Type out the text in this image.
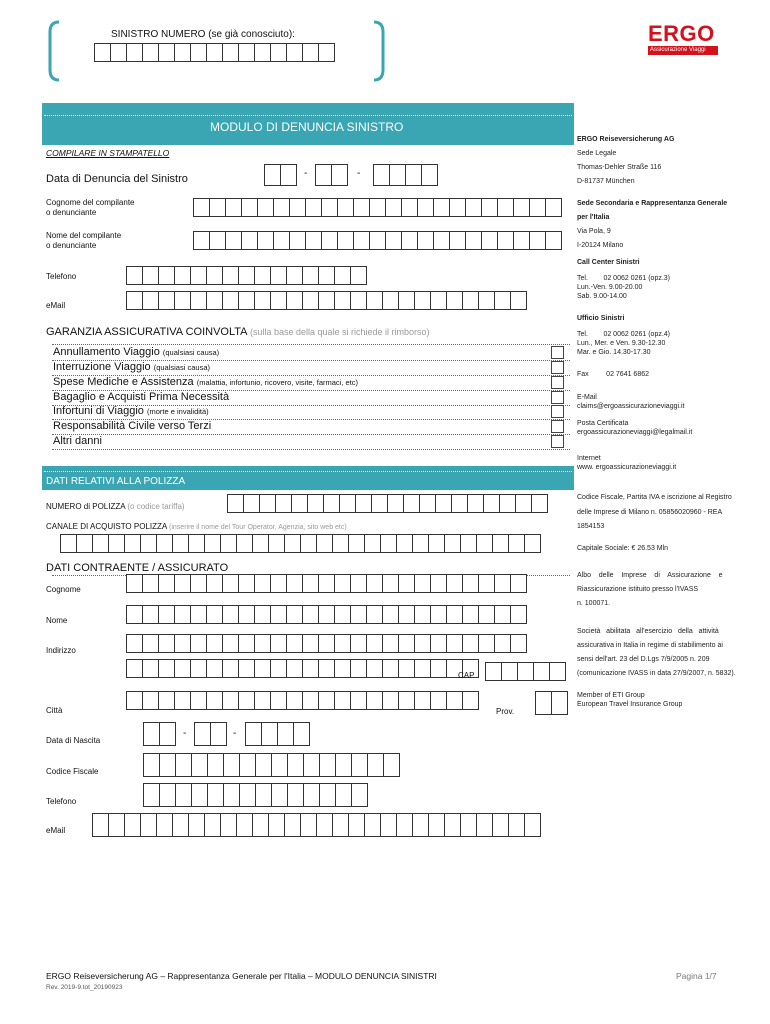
SINISTRO NUMERO (se già conosciuto):	ERGO
Assicurazione Viaggi
MODULO DI DENUNCIA SINISTRO
COMPILARE IN STAMPATELLO
Data di Denuncia del Sinistro	-	-
Cognome del compilante
o denunciante
Nome del compilante
o denunciante
Telefono
eMail
GARANZIA ASSICURATIVA COINVOLTA (sulla base della quale si richiede il rimborso)
Annullamento Viaggio (qualsiasi causa)
Interruzione Viaggio (qualsiasi causa)
Spese Mediche e Assistenza (malattia, infortunio, ricovero, visite, farmaci, etc)
Bagaglio e Acquisti Prima Necessità
Infortuni di Viaggio (morte e invalidità)
Responsabilità Civile verso Terzi
Altri danni
DATI RELATIVI ALLA POLIZZA
NUMERO di POLIZZA (o codice tariffa)
CANALE DI ACQUISTO POLIZZA (inserire il nome del Tour Operator, Agenzia, sito web etc)
DATI CONTRAENTE / ASSICURATO
Cognome
Nome
Indirizzo
CAP
Città	Prov.
Data di Nascita
-	-
Codice Fiscale
Telefono
eMail
ERGO Reiseversicherung AG
Sede Legale
Thomas-Dehler Straße 116
D-81737 München
Sede Secondaria e Rappresentanza Generale
per l'Italia
Via Pola, 9
I-20124 Milano
Call Center Sinistri
Tel.        02 0062 0261 (opz.3)
Lun.-Ven. 9.00-20.00
Sab. 9.00-14.00
Ufficio Sinistri
Tel.        02 0062 0261 (opz.4)
Lun., Mer. e Ven. 9.30-12.30
Mar. e Gio. 14.30-17.30
Fax         02 7641 6862
E-Mail
claims@ergoassicurazioneviaggi.it
Posta Certificata
ergoassicurazioneviaggi@legalmail.it
Internet
www. ergoassicurazioneviaggi.it
Codice Fiscale, Partita IVA e iscrizione al Registro
delle Imprese di Milano n. 05856020960 - REA
1854153
Capitale Sociale: € 26.53 Mln
Albo    delle    Imprese    di    Assicurazione    e
Riassicurazione istituito presso l'IVASS
n. 100071.
Società   abilitata   all'esercizio   della   attività
assicurativa in Italia in regime di stabilimento ai
sensi dell'art. 23 del D.Lgs 7/9/2005 n. 209
(comunicazione IVASS in data 27/9/2007, n. 5832).
Member of ETI Group
European Travel Insurance Group
ERGO Reiseversicherung AG – Rappresentanza Generale per l'Italia – MODULO DENUNCIA SINISTRI
Rev. 2019-9.tot_20190923
Pagina 1/7
